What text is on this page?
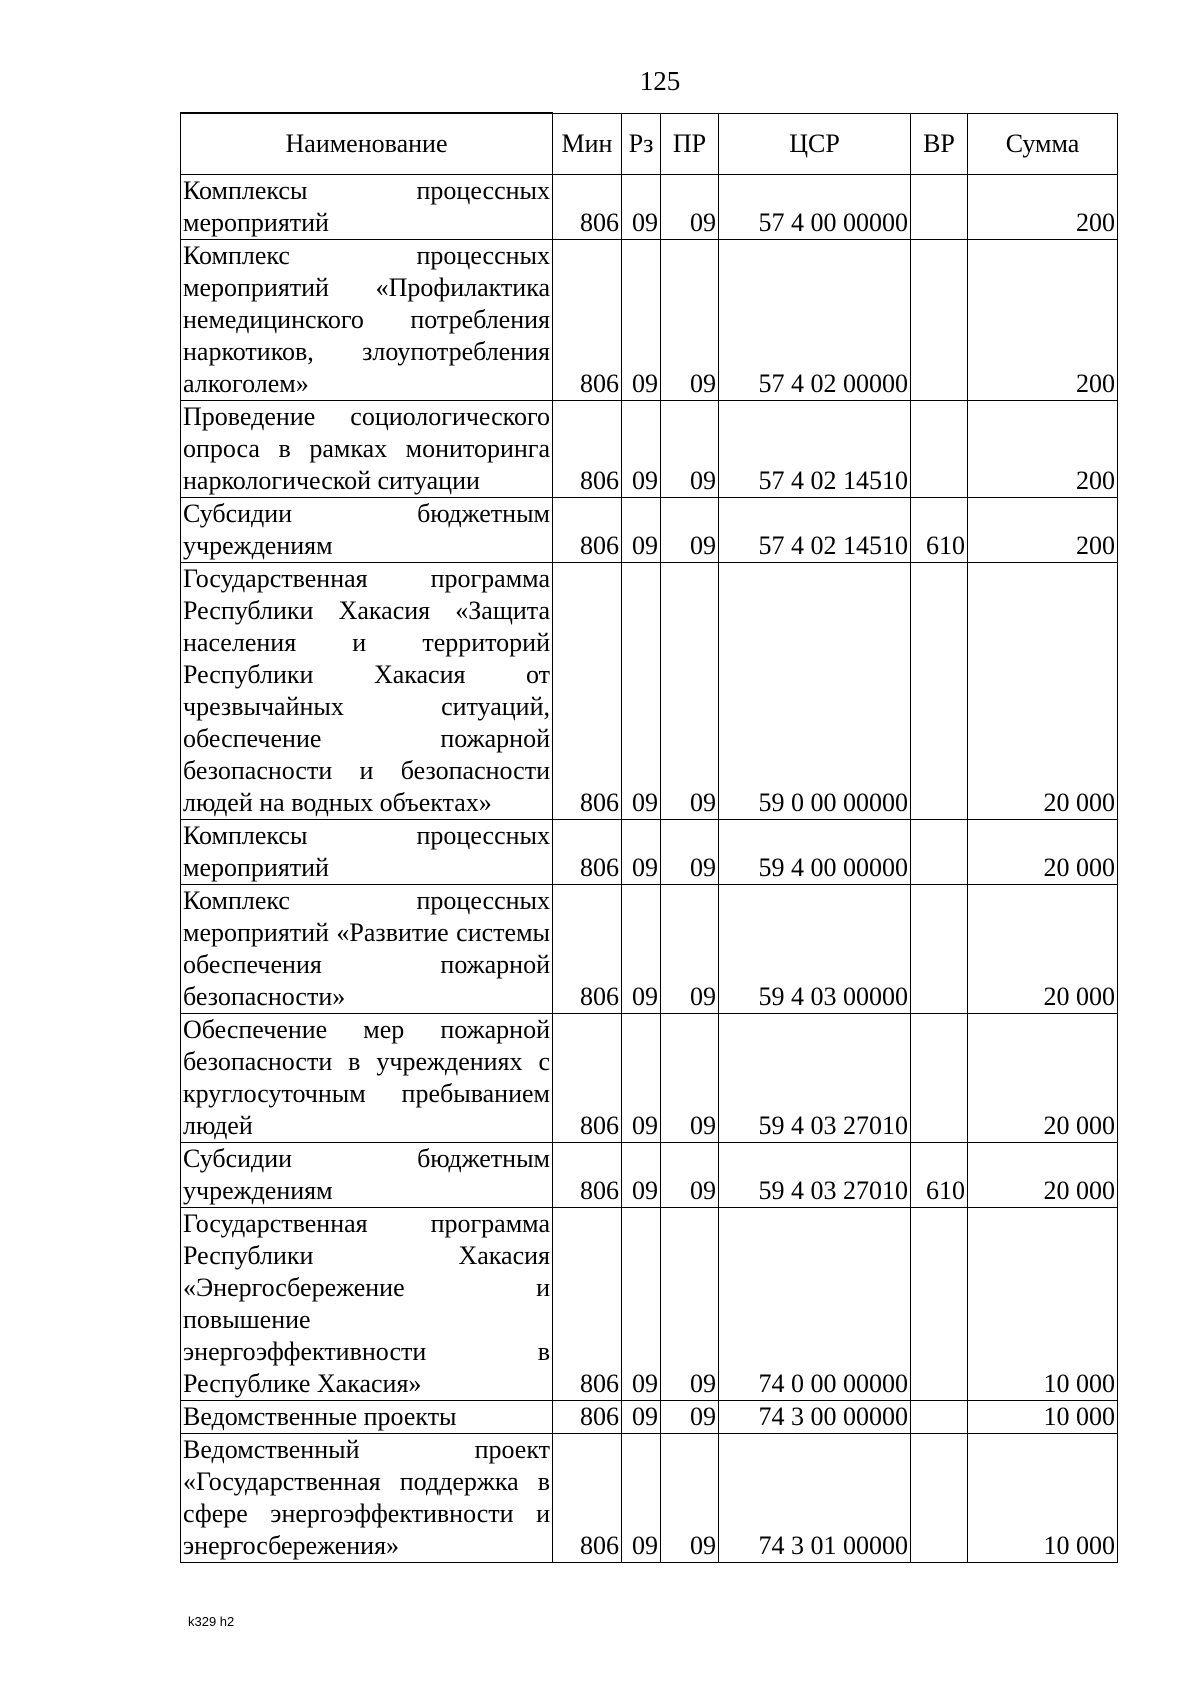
125
Наименование	Мин	Рз	ПР	ЦСР	ВР	Сумма
Комплексы процессных мероприятий	806	09	09	57 4 00 00000		200
Комплекс процессных мероприятий «Профилактика немедицинского потребления наркотиков, злоупотребления алкоголем»	806	09	09	57 4 02 00000		200
Проведение социологического опроса в рамках мониторинга наркологической ситуации	806	09	09	57 4 02 14510		200
Субсидии бюджетным учреждениям	806	09	09	57 4 02 14510	610	200
Государственная программа Республики Хакасия «Защита населения и территорий Республики Хакасия от чрезвычайных ситуаций, обеспечение пожарной безопасности и безопасности людей на водных объектах»	806	09	09	59 0 00 00000		20 000
Комплексы процессных мероприятий	806	09	09	59 4 00 00000		20 000
Комплекс процессных мероприятий «Развитие системы обеспечения пожарной безопасности»	806	09	09	59 4 03 00000		20 000
Обеспечение мер пожарной безопасности в учреждениях с круглосуточным пребыванием людей	806	09	09	59 4 03 27010		20 000
Субсидии бюджетным учреждениям	806	09	09	59 4 03 27010	610	20 000
Государственная программа Республики Хакасия «Энергосбережение и повышение энергоэффективности в Республике Хакасия»	806	09	09	74 0 00 00000		10 000
Ведомственные проекты	806	09	09	74 3 00 00000		10 000
Ведомственный проект «Государственная поддержка в сфере энергоэффективности и энергосбережения»	806	09	09	74 3 01 00000		10 000
k329 h2
